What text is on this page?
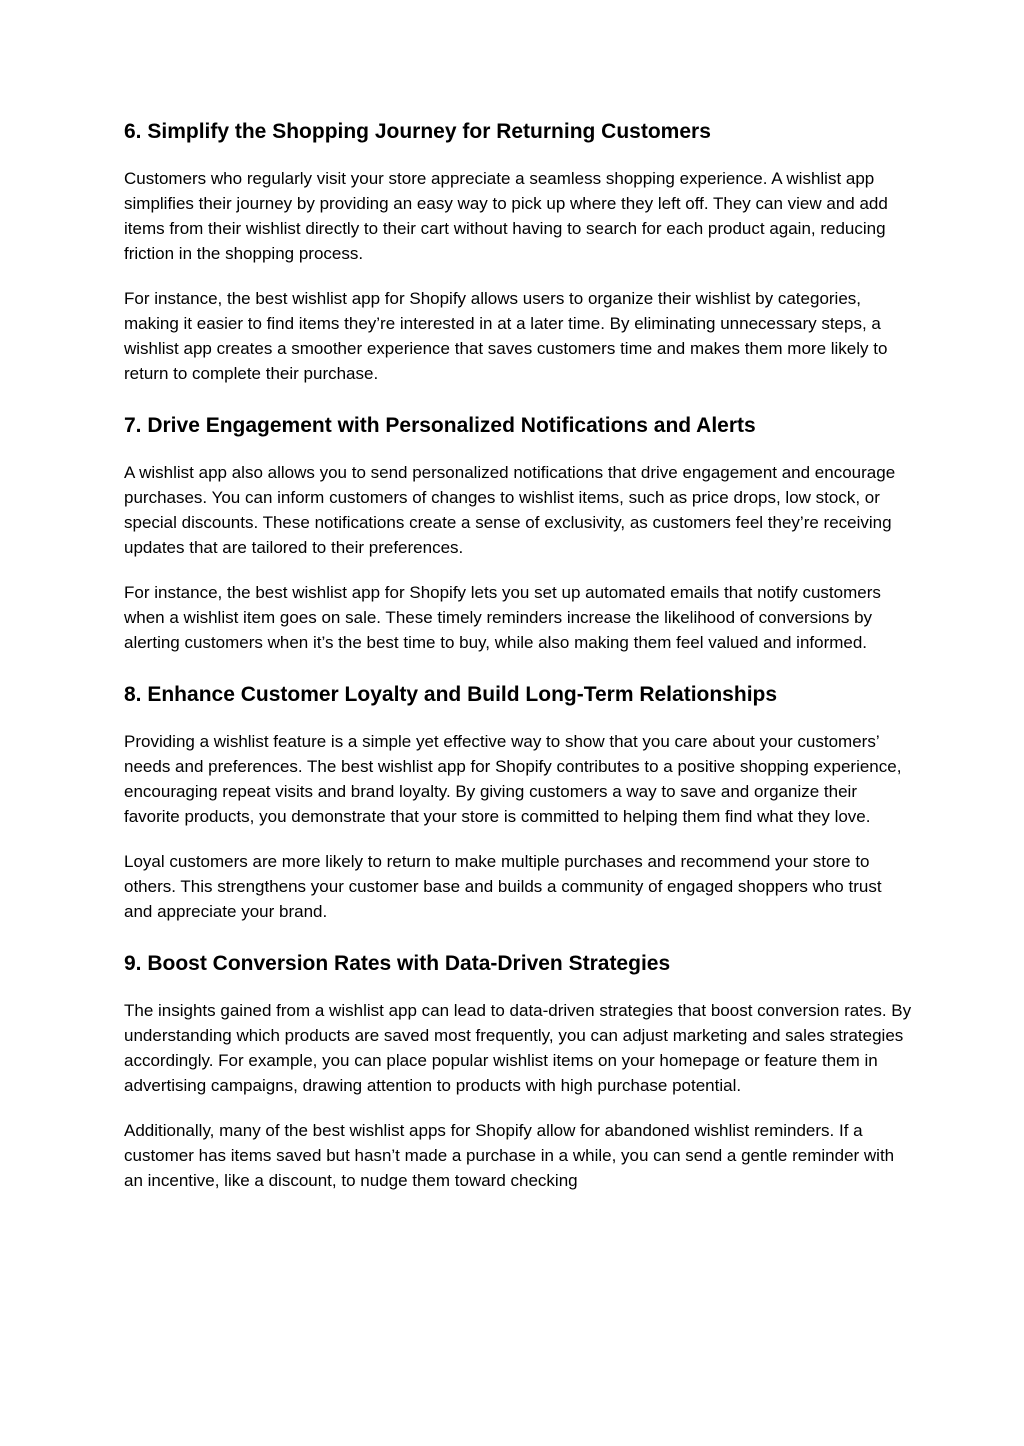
6. Simplify the Shopping Journey for Returning Customers

Customers who regularly visit your store appreciate a seamless shopping experience. A wishlist app simplifies their journey by providing an easy way to pick up where they left off. They can view and add items from their wishlist directly to their cart without having to search for each product again, reducing friction in the shopping process.

For instance, the best wishlist app for Shopify allows users to organize their wishlist by categories, making it easier to find items they’re interested in at a later time. By eliminating unnecessary steps, a wishlist app creates a smoother experience that saves customers time and makes them more likely to return to complete their purchase.

7. Drive Engagement with Personalized Notifications and Alerts

A wishlist app also allows you to send personalized notifications that drive engagement and encourage purchases. You can inform customers of changes to wishlist items, such as price drops, low stock, or special discounts. These notifications create a sense of exclusivity, as customers feel they’re receiving updates that are tailored to their preferences.

For instance, the best wishlist app for Shopify lets you set up automated emails that notify customers when a wishlist item goes on sale. These timely reminders increase the likelihood of conversions by alerting customers when it’s the best time to buy, while also making them feel valued and informed.

8. Enhance Customer Loyalty and Build Long-Term Relationships

Providing a wishlist feature is a simple yet effective way to show that you care about your customers’ needs and preferences. The best wishlist app for Shopify contributes to a positive shopping experience, encouraging repeat visits and brand loyalty. By giving customers a way to save and organize their favorite products, you demonstrate that your store is committed to helping them find what they love.

Loyal customers are more likely to return to make multiple purchases and recommend your store to others. This strengthens your customer base and builds a community of engaged shoppers who trust and appreciate your brand.

9. Boost Conversion Rates with Data-Driven Strategies

The insights gained from a wishlist app can lead to data-driven strategies that boost conversion rates. By understanding which products are saved most frequently, you can adjust marketing and sales strategies accordingly. For example, you can place popular wishlist items on your homepage or feature them in advertising campaigns, drawing attention to products with high purchase potential.

Additionally, many of the best wishlist apps for Shopify allow for abandoned wishlist reminders. If a customer has items saved but hasn’t made a purchase in a while, you can send a gentle reminder with an incentive, like a discount, to nudge them toward checking
